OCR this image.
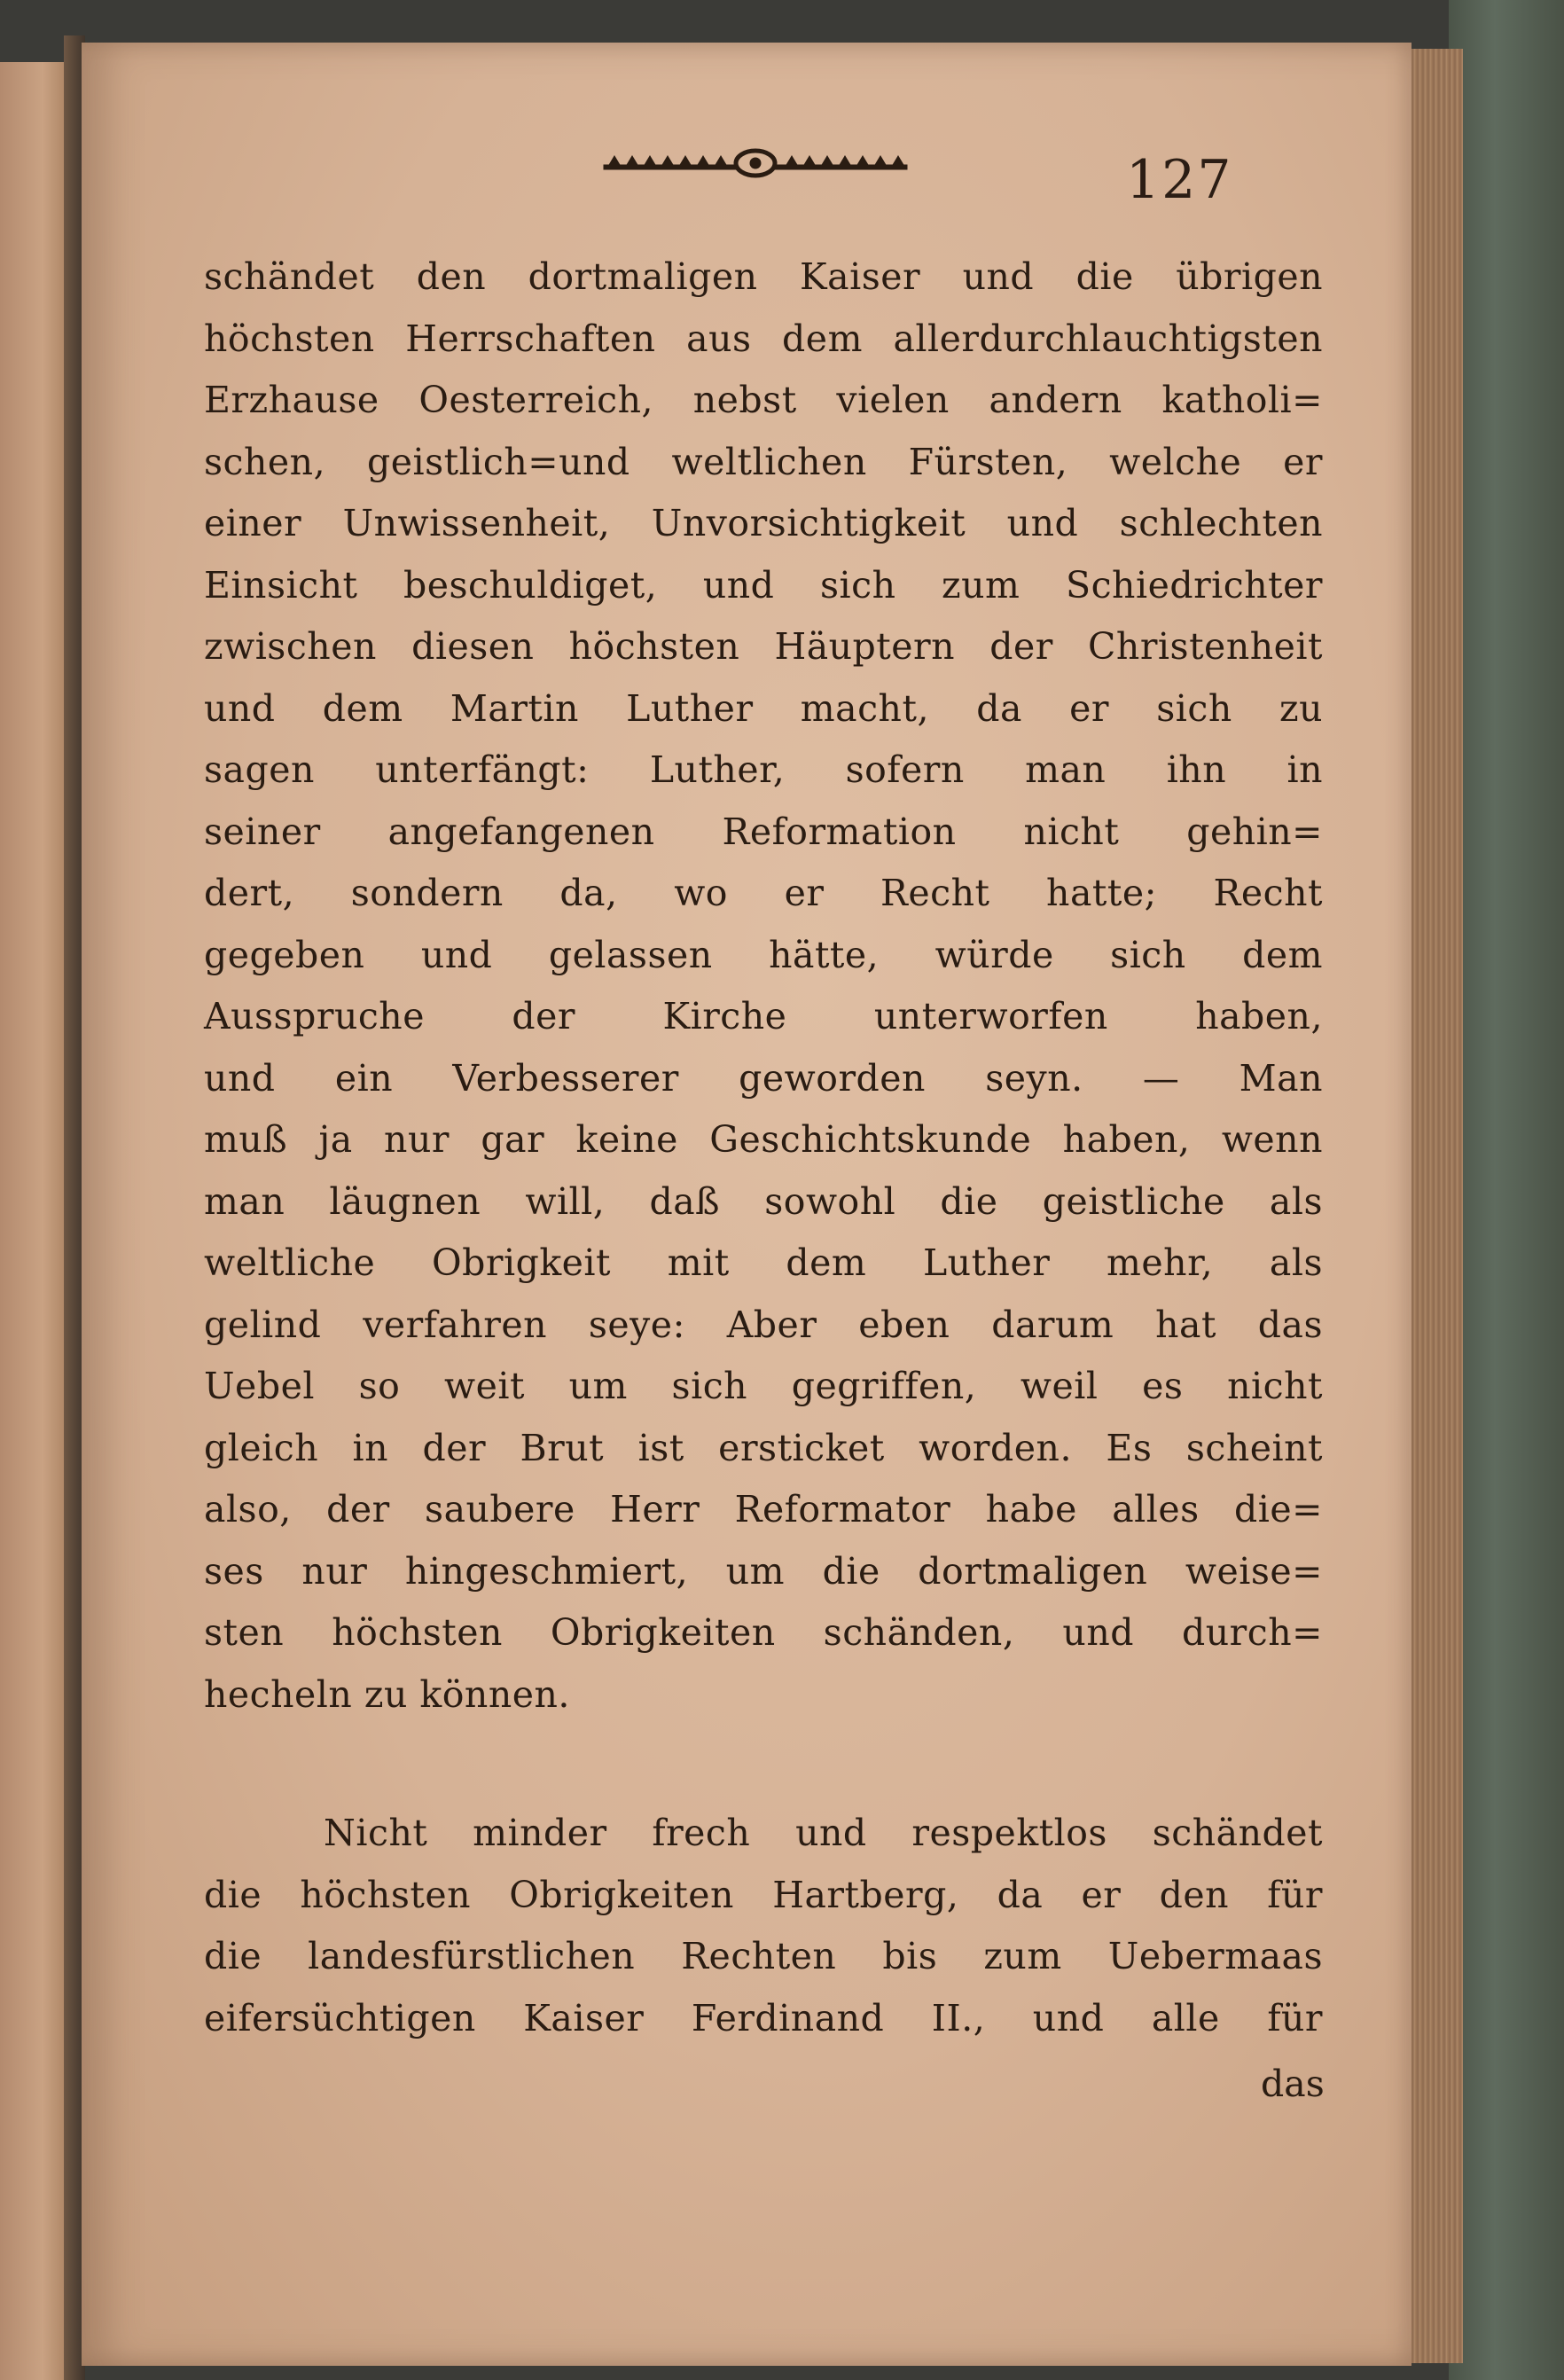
127
schändet den dortmaligen Kaiser und die übrigen
höchsten Herrschaften aus dem allerdurchlauchtigsten
Erzhause Oesterreich, nebst vielen andern katholi=
schen, geistlich=und weltlichen Fürsten, welche er
einer Unwissenheit, Unvorsichtigkeit und schlechten
Einsicht beschuldiget, und sich zum Schiedrichter
zwischen diesen höchsten Häuptern der Christenheit
und dem Martin Luther macht, da er sich zu
sagen unterfängt: Luther, sofern man ihn in
seiner angefangenen Reformation nicht gehin=
dert, sondern da, wo er Recht hatte; Recht
gegeben und gelassen hätte, würde sich dem
Ausspruche der Kirche unterworfen haben,
und ein Verbesserer geworden seyn. — Man
muß ja nur gar keine Geschichtskunde haben, wenn
man läugnen will, daß sowohl die geistliche als
weltliche Obrigkeit mit dem Luther mehr, als
gelind verfahren seye: Aber eben darum hat das
Uebel so weit um sich gegriffen, weil es nicht
gleich in der Brut ist ersticket worden. Es scheint
also, der saubere Herr Reformator habe alles die=
ses nur hingeschmiert, um die dortmaligen weise=
sten höchsten Obrigkeiten schänden, und durch=
hecheln zu können.
Nicht minder frech und respektlos schändet
die höchsten Obrigkeiten Hartberg, da er den für
die landesfürstlichen Rechten bis zum Uebermaas
eifersüchtigen Kaiser Ferdinand II., und alle für
das
